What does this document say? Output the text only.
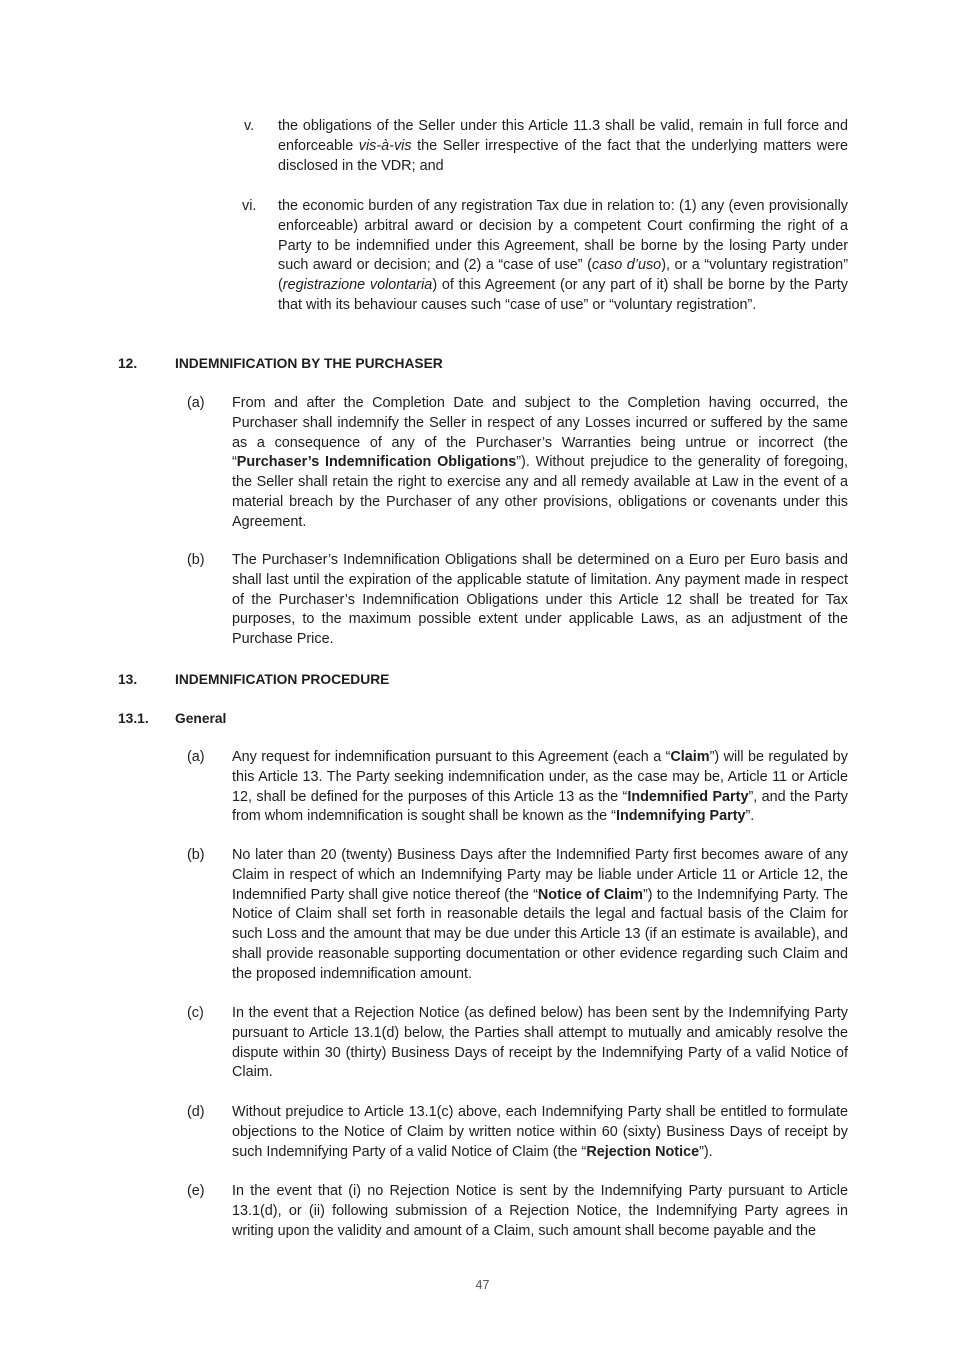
v. the obligations of the Seller under this Article 11.3 shall be valid, remain in full force and enforceable vis-à-vis the Seller irrespective of the fact that the underlying matters were disclosed in the VDR; and

vi. the economic burden of any registration Tax due in relation to: (1) any (even provisionally enforceable) arbitral award or decision by a competent Court confirming the right of a Party to be indemnified under this Agreement, shall be borne by the losing Party under such award or decision; and (2) a “case of use” (caso d’uso), or a “voluntary registration” (registrazione volontaria) of this Agreement (or any part of it) shall be borne by the Party that with its behaviour causes such “case of use” or “voluntary registration”.

12.	INDEMNIFICATION BY THE PURCHASER
(a) From and after the Completion Date and subject to the Completion having occurred, the Purchaser shall indemnify the Seller in respect of any Losses incurred or suffered by the same as a consequence of any of the Purchaser’s Warranties being untrue or incorrect (the “Purchaser’s Indemnification Obligations”). Without prejudice to the generality of foregoing, the Seller shall retain the right to exercise any and all remedy available at Law in the event of a material breach by the Purchaser of any other provisions, obligations or covenants under this Agreement.

(b) The Purchaser’s Indemnification Obligations shall be determined on a Euro per Euro basis and shall last until the expiration of the applicable statute of limitation. Any payment made in respect of the Purchaser’s Indemnification Obligations under this Article 12 shall be treated for Tax purposes, to the maximum possible extent under applicable Laws, as an adjustment of the Purchase Price.

13.	INDEMNIFICATION PROCEDURE
13.1. General
(a) Any request for indemnification pursuant to this Agreement (each a “Claim”) will be regulated by this Article 13. The Party seeking indemnification under, as the case may be, Article 11 or Article 12, shall be defined for the purposes of this Article 13 as the “Indemnified Party”, and the Party from whom indemnification is sought shall be known as the “Indemnifying Party”.

(b) No later than 20 (twenty) Business Days after the Indemnified Party first becomes aware of any Claim in respect of which an Indemnifying Party may be liable under Article 11 or Article 12, the Indemnified Party shall give notice thereof (the “Notice of Claim”) to the Indemnifying Party. The Notice of Claim shall set forth in reasonable details the legal and factual basis of the Claim for such Loss and the amount that may be due under this Article 13 (if an estimate is available), and shall provide reasonable supporting documentation or other evidence regarding such Claim and the proposed indemnification amount.

(c) In the event that a Rejection Notice (as defined below) has been sent by the Indemnifying Party pursuant to Article 13.1(d) below, the Parties shall attempt to mutually and amicably resolve the dispute within 30 (thirty) Business Days of receipt by the Indemnifying Party of a valid Notice of Claim.

(d) Without prejudice to Article 13.1(c) above, each Indemnifying Party shall be entitled to formulate objections to the Notice of Claim by written notice within 60 (sixty) Business Days of receipt by such Indemnifying Party of a valid Notice of Claim (the “Rejection Notice”).

(e) In the event that (i) no Rejection Notice is sent by the Indemnifying Party pursuant to Article 13.1(d), or (ii) following submission of a Rejection Notice, the Indemnifying Party agrees in writing upon the validity and amount of a Claim, such amount shall become payable and the

47
